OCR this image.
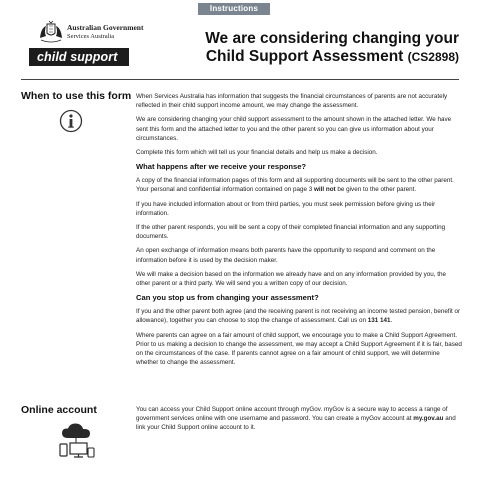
Instructions
Australian Government
Services Australia
child support
We are considering changing your
Child Support Assessment (CS2898)
When to use this form When Services Australia has information that suggests the financial circumstances of parents are not accurately reflected in their child support income amount, we may change the assessment.

We are considering changing your child support assessment to the amount shown in the attached letter. We have sent this form and the attached letter to you and the other parent so you can give us information about your circumstances.

Complete this form which will tell us your financial details and help us make a decision.

What happens after we receive your response?

A copy of the financial information pages of this form and all supporting documents will be sent to the other parent. Your personal and confidential information contained on page 3 will not be given to the other parent.

If you have included information about or from third parties, you must seek permission before giving us their information.

If the other parent responds, you will be sent a copy of their completed financial information and any supporting documents.

An open exchange of information means both parents have the opportunity to respond and comment on the information before it is used by the decision maker.

We will make a decision based on the information we already have and on any information provided by you, the other parent or a third party. We will send you a written copy of our decision.

Can you stop us from changing your assessment?

If you and the other parent both agree (and the receiving parent is not receiving an income tested pension, benefit or allowance), together you can choose to stop the change of assessment. Call us on 131 141.

Where parents can agree on a fair amount of child support, we encourage you to make a Child Support Agreement. Prior to us making a decision to change the assessment, we may accept a Child Support Agreement if it is fair, based on the circumstances of the case. If parents cannot agree on a fair amount of child support, we will determine whether to change the assessment.

Online account	You can access your Child Support online account through myGov. myGov is a secure way to access a range of government services online with one username and password. You can create a myGov account at my.gov.au and link your Child Support online account to it.
